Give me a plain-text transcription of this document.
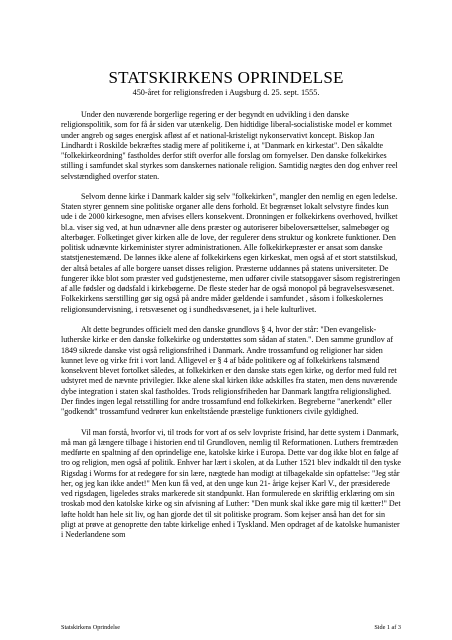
STATSKIRKENS OPRINDELSE
450-året for religionsfreden i Augsburg d. 25. sept. 1555.

Under den nuværende borgerlige regering er der begyndt en udvikling i den danske religionspolitik, som for få år siden var utænkelig. Den hidtidige liberal-socialistiske model er kommet under angreb og søges energisk afløst af et national-kristeligt nykonservativt koncept. Biskop Jan Lindhardt i Roskilde bekræftes stadig mere af politikerne i, at "Danmark en kirkestat". Den såkaldte "folkekirkeordning" fastholdes derfor stift overfor alle forslag om fornyelser. Den danske folkekirkes stilling i samfundet skal styrkes som danskernes nationale religion. Samtidig nægtes den dog enhver reel selvstændighed overfor staten.

Selvom denne kirke i Danmark kalder sig selv "folkekirken", mangler den nemlig en egen ledelse. Staten styrer gennem sine politiske organer alle dens forhold. Et begrænset lokalt selvstyre findes kun ude i de 2000 kirkesogne, men afvises ellers konsekvent. Dronningen er folkekirkens overhoved, hvilket bl.a. viser sig ved, at hun udnævner alle dens præster og autoriserer bibeloversættelser, salmebøger og alterbøger. Folketinget giver kirken alle de love, der regulerer dens struktur og konkrete funktioner. Den politisk udnævnte kirkeminister styrer administrationen. Alle folkekirkepræster er ansat som danske statstjenestemænd. De lønnes ikke alene af folkekirkens egen kirkeskat, men også af et stort statstilskud, der altså betales af alle borgere uanset disses religion. Præsterne uddannes på statens universiteter. De fungerer ikke blot som præster ved gudstjenesterne, men udfører civile statsopgaver såsom registreringen af alle fødsler og dødsfald i kirkebøgerne. De fleste steder har de også monopol på begravelsesvæsenet. Folkekirkens særstilling gør sig også på andre måder gældende i samfundet , såsom i folkeskolernes religionsundervisning, i retsvæsenet og i sundhedsvæsenet, ja i hele kulturlivet.

Alt dette begrundes officielt med den danske grundlovs § 4, hvor der står: "Den evangelisk-lutherske kirke er den danske folkekirke og understøttes som sådan af staten.". Den samme grundlov af 1849 sikrede danske vist også religionsfrihed i Danmark. Andre trossamfund og religioner har siden kunnet leve og virke frit i vort land. Alligevel er § 4 af både politikere og af folkekirkens talsmænd konsekvent blevet fortolket således, at folkekirken er den danske stats egen kirke, og derfor med fuld ret udstyret med de nævnte privilegier. Ikke alene skal kirken ikke adskilles fra staten, men dens nuværende dybe integration i staten skal fastholdes. Trods religionsfriheden har Danmark langtfra religionslighed. Der findes ingen legal retsstilling for andre trossamfund end folkekirken. Begreberne "anerkendt" eller "godkendt" trossamfund vedrører kun enkeltstående præstelige funktioners civile gyldighed.

Vil man forstå, hvorfor vi, til trods for vort af os selv lovpriste frisind, har dette system i Danmark, må man gå længere tilbage i historien end til Grundloven, nemlig til Reformationen. Luthers fremtræden medførte en spaltning af den oprindelige ene, katolske kirke i Europa. Dette var dog ikke blot en følge af tro og religion, men også af politik. Enhver har lært i skolen, at da Luther 1521 blev indkaldt til den tyske Rigsdag i Worms for at redegøre for sin lære, nægtede han modigt at tilbagekalde sin opfattelse: "Jeg står her, og jeg kan ikke andet!" Men kun få ved, at den unge kun 21- årige kejser Karl V., der præsiderede ved rigsdagen, ligeledes straks markerede sit standpunkt. Han formulerede en skriftlig erklæring om sin troskab mod den katolske kirke og sin afvisning af Luther: "Den munk skal ikke gøre mig til kætter!" Det løfte holdt han hele sit liv, og han gjorde det til sit politiske program. Som kejser anså han det for sin pligt at prøve at genoprette den tabte kirkelige enhed i Tyskland. Men opdraget af de katolske humanister i Nederlandene som

Statskirkens Oprindelse	Side 1 af 3
